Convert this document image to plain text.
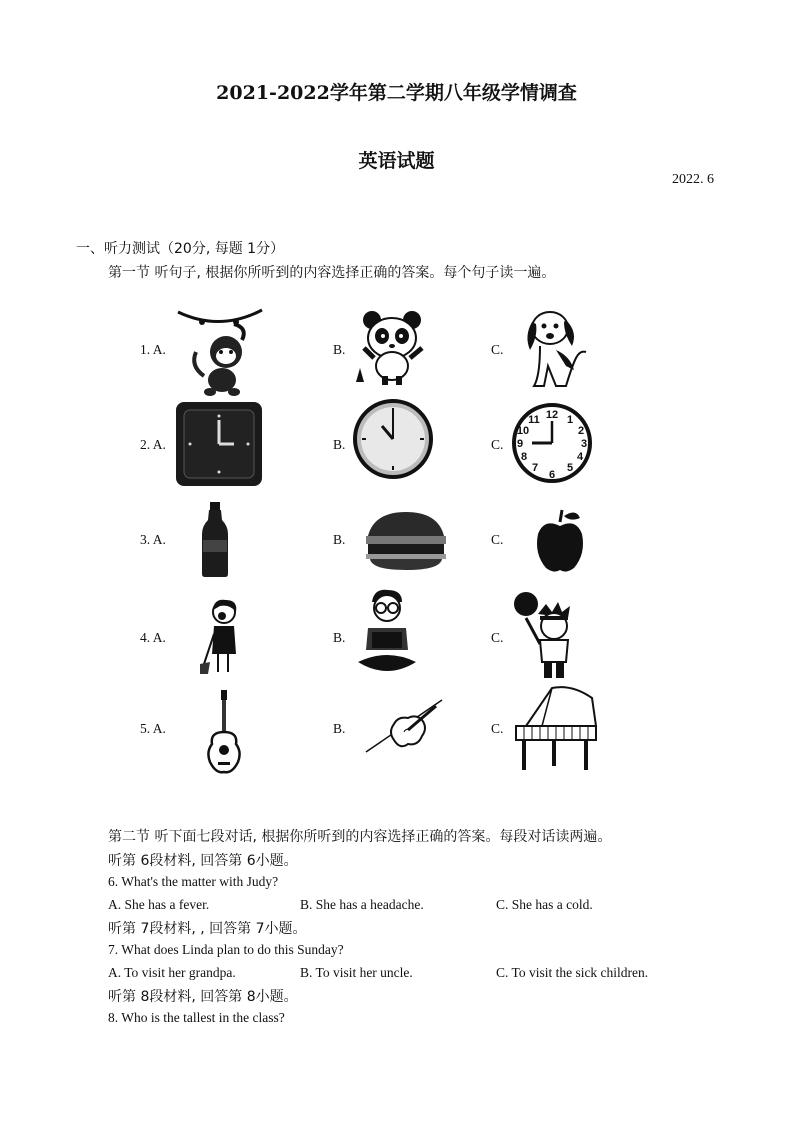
2021-2022学年第二学期八年级学情调查
英语试题
2022. 6
一、听力测试（20分, 每题 1分）
第一节 听句子, 根据你所听到的内容选择正确的答案。每个句子读一遍。
1. A.	B.	C.
2. A.	B.	C.
3. A.	B.	C.
4. A.	B.	C.
5. A.	B.	C.
12 1
2
3
4
5
6
7
8
9
10
11
第二节 听下面七段对话, 根据你所听到的内容选择正确的答案。每段对话读两遍。
听第 6段材料, 回答第 6小题。
6. What's the matter with Judy?
A. She has a fever.	B. She has a headache.	C. She has a cold.
听第 7段材料, , 回答第 7小题。
7. What does Linda plan to do this Sunday?
A. To visit her grandpa.	B. To visit her uncle.	C. To visit the sick children.
听第 8段材料, 回答第 8小题。
8. Who is the tallest in the class?
